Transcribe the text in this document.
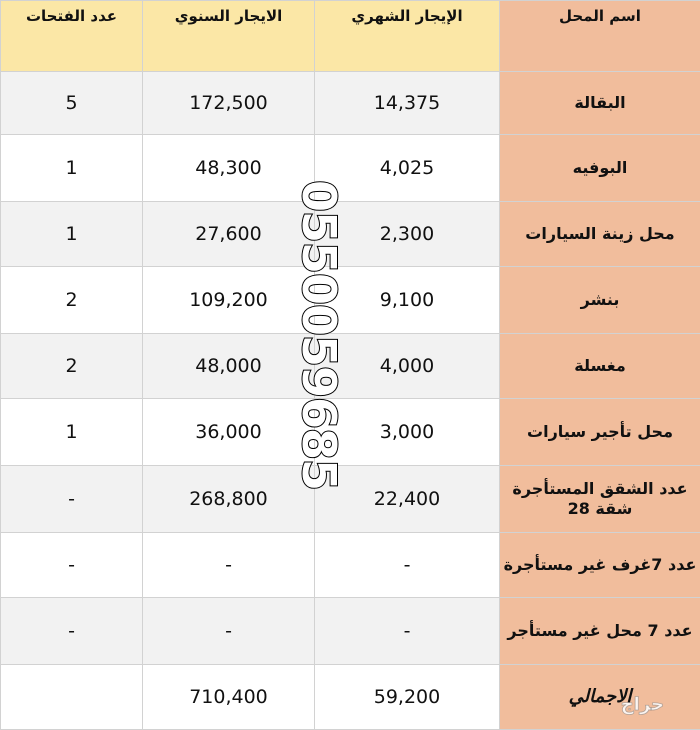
عدد الفتحات	الايجار السنوي	الإيجار الشهري	اسم المحل
5	172,500	14,375	البقالة
1	48,300	4,025	البوفيه
1	27,600	2,300	محل زينة السيارات
2	109,200	9,100	بنشر
2	48,000	4,000	مغسلة
1	36,000	3,000	محل تأجير سيارات
-	268,800	22,400	عدد الشقق المستأجرة
شقة 28

-	-	-	عدد 7غرف غير مستأجرة
-	-	-	عدد 7 محل غير مستأجر
	710,400	59,200	الاجمالي
0550059685
حراج
